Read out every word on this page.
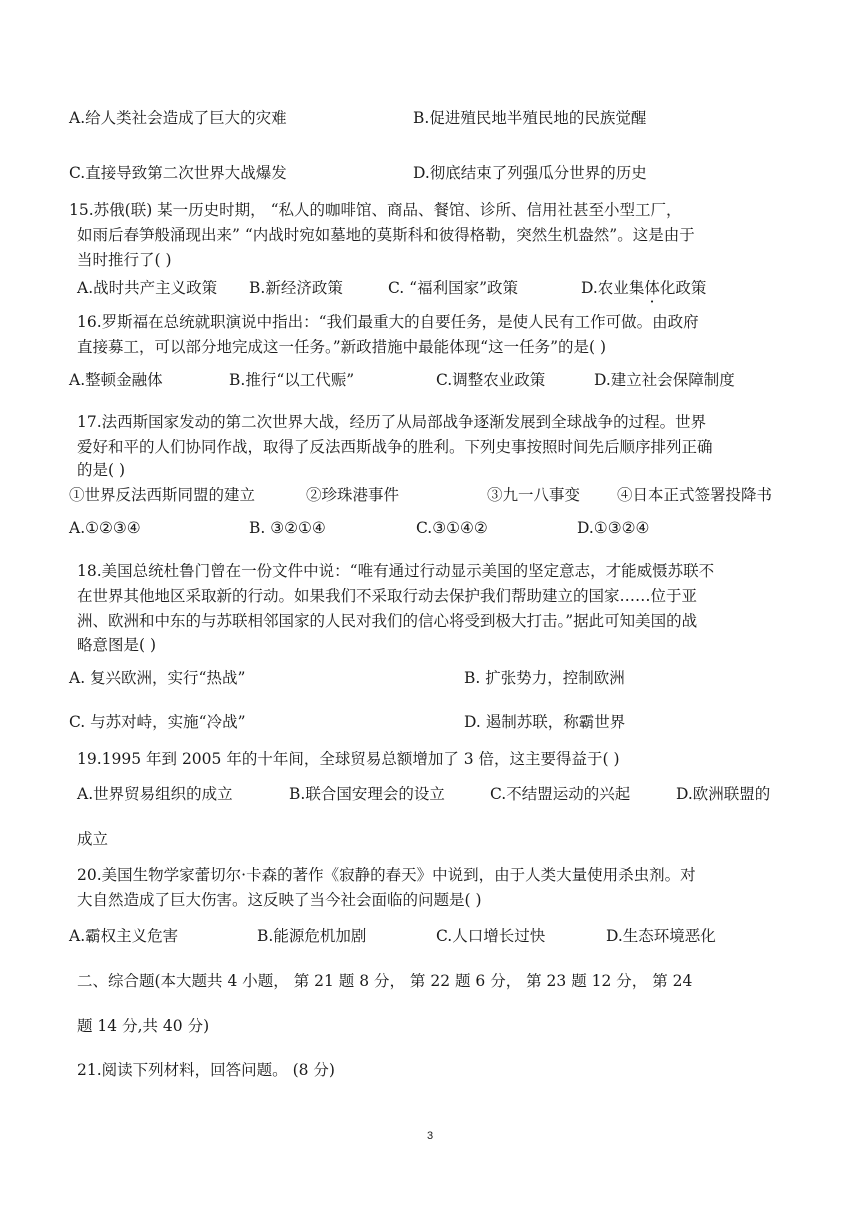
A.给人类社会造成了巨大的灾难	B.促进殖民地半殖民地的民族觉醒
C.直接导致第二次世界大战爆发	D.彻底结束了列强瓜分世界的历史
15.苏俄(联) 某一历史时期， “私人的咖啡馆、商品、餐馆、诊所、信用社甚至小型工厂，
如雨后春笋般涌现出来” “内战时宛如墓地的莫斯科和彼得格勒，突然生机盎然”。这是由于
当时推行了( )
A.战时共产主义政策 B.新经济政策	C. “福利国家”政策	D.农业集体化政策
16.罗斯福在总统就职演说中指出：“我们最重大的自要任务，是使人民有工作可做。由政府
直接募工，可以部分地完成这一任务。”新政措施中最能体现“这一任务”的是( )
A.整顿金融体	B.推行“以工代赈”	C.调整农业政策	D.建立社会保障制度
17.法西斯国家发动的第二次世界大战，经历了从局部战争逐渐发展到全球战争的过程。世界
爱好和平的人们协同作战，取得了反法西斯战争的胜利。下列史事按照时间先后顺序排列正确
的是( )
①世界反法西斯同盟的建立	②珍珠港事件	③九一八事变 ④日本正式签署投降书
A.①②③④	B. ③②①④	C.③①④②	D.①③②④
18.美国总统杜鲁门曾在一份文件中说：“唯有通过行动显示美国的坚定意志，才能威慑苏联不
在世界其他地区采取新的行动。如果我们不采取行动去保护我们帮助建立的国家……位于亚
洲、欧洲和中东的与苏联相邻国家的人民对我们的信心将受到极大打击。”据此可知美国的战
略意图是( )
A. 复兴欧洲，实行“热战”	B. 扩张势力，控制欧洲
C. 与苏对峙，实施“冷战”	D. 遏制苏联，称霸世界
19.1995 年到 2005 年的十年间，全球贸易总额增加了 3 倍，这主要得益于( )
A.世界贸易组织的成立	B.联合国安理会的设立	C.不结盟运动的兴起	D.欧洲联盟的
成立
20.美国生物学家蕾切尔·卡森的著作《寂静的春天》中说到，由于人类大量使用杀虫剂。对
大自然造成了巨大伤害。这反映了当今社会面临的问题是( )
A.霸权主义危害	B.能源危机加剧	C.人口增长过快	D.生态环境恶化
二、综合题(本大题共 4 小题， 第 21 题 8 分， 第 22 题 6 分， 第 23 题 12 分， 第 24
题 14 分,共 40 分)
21.阅读下列材料，回答问题。 (8 分)
3
